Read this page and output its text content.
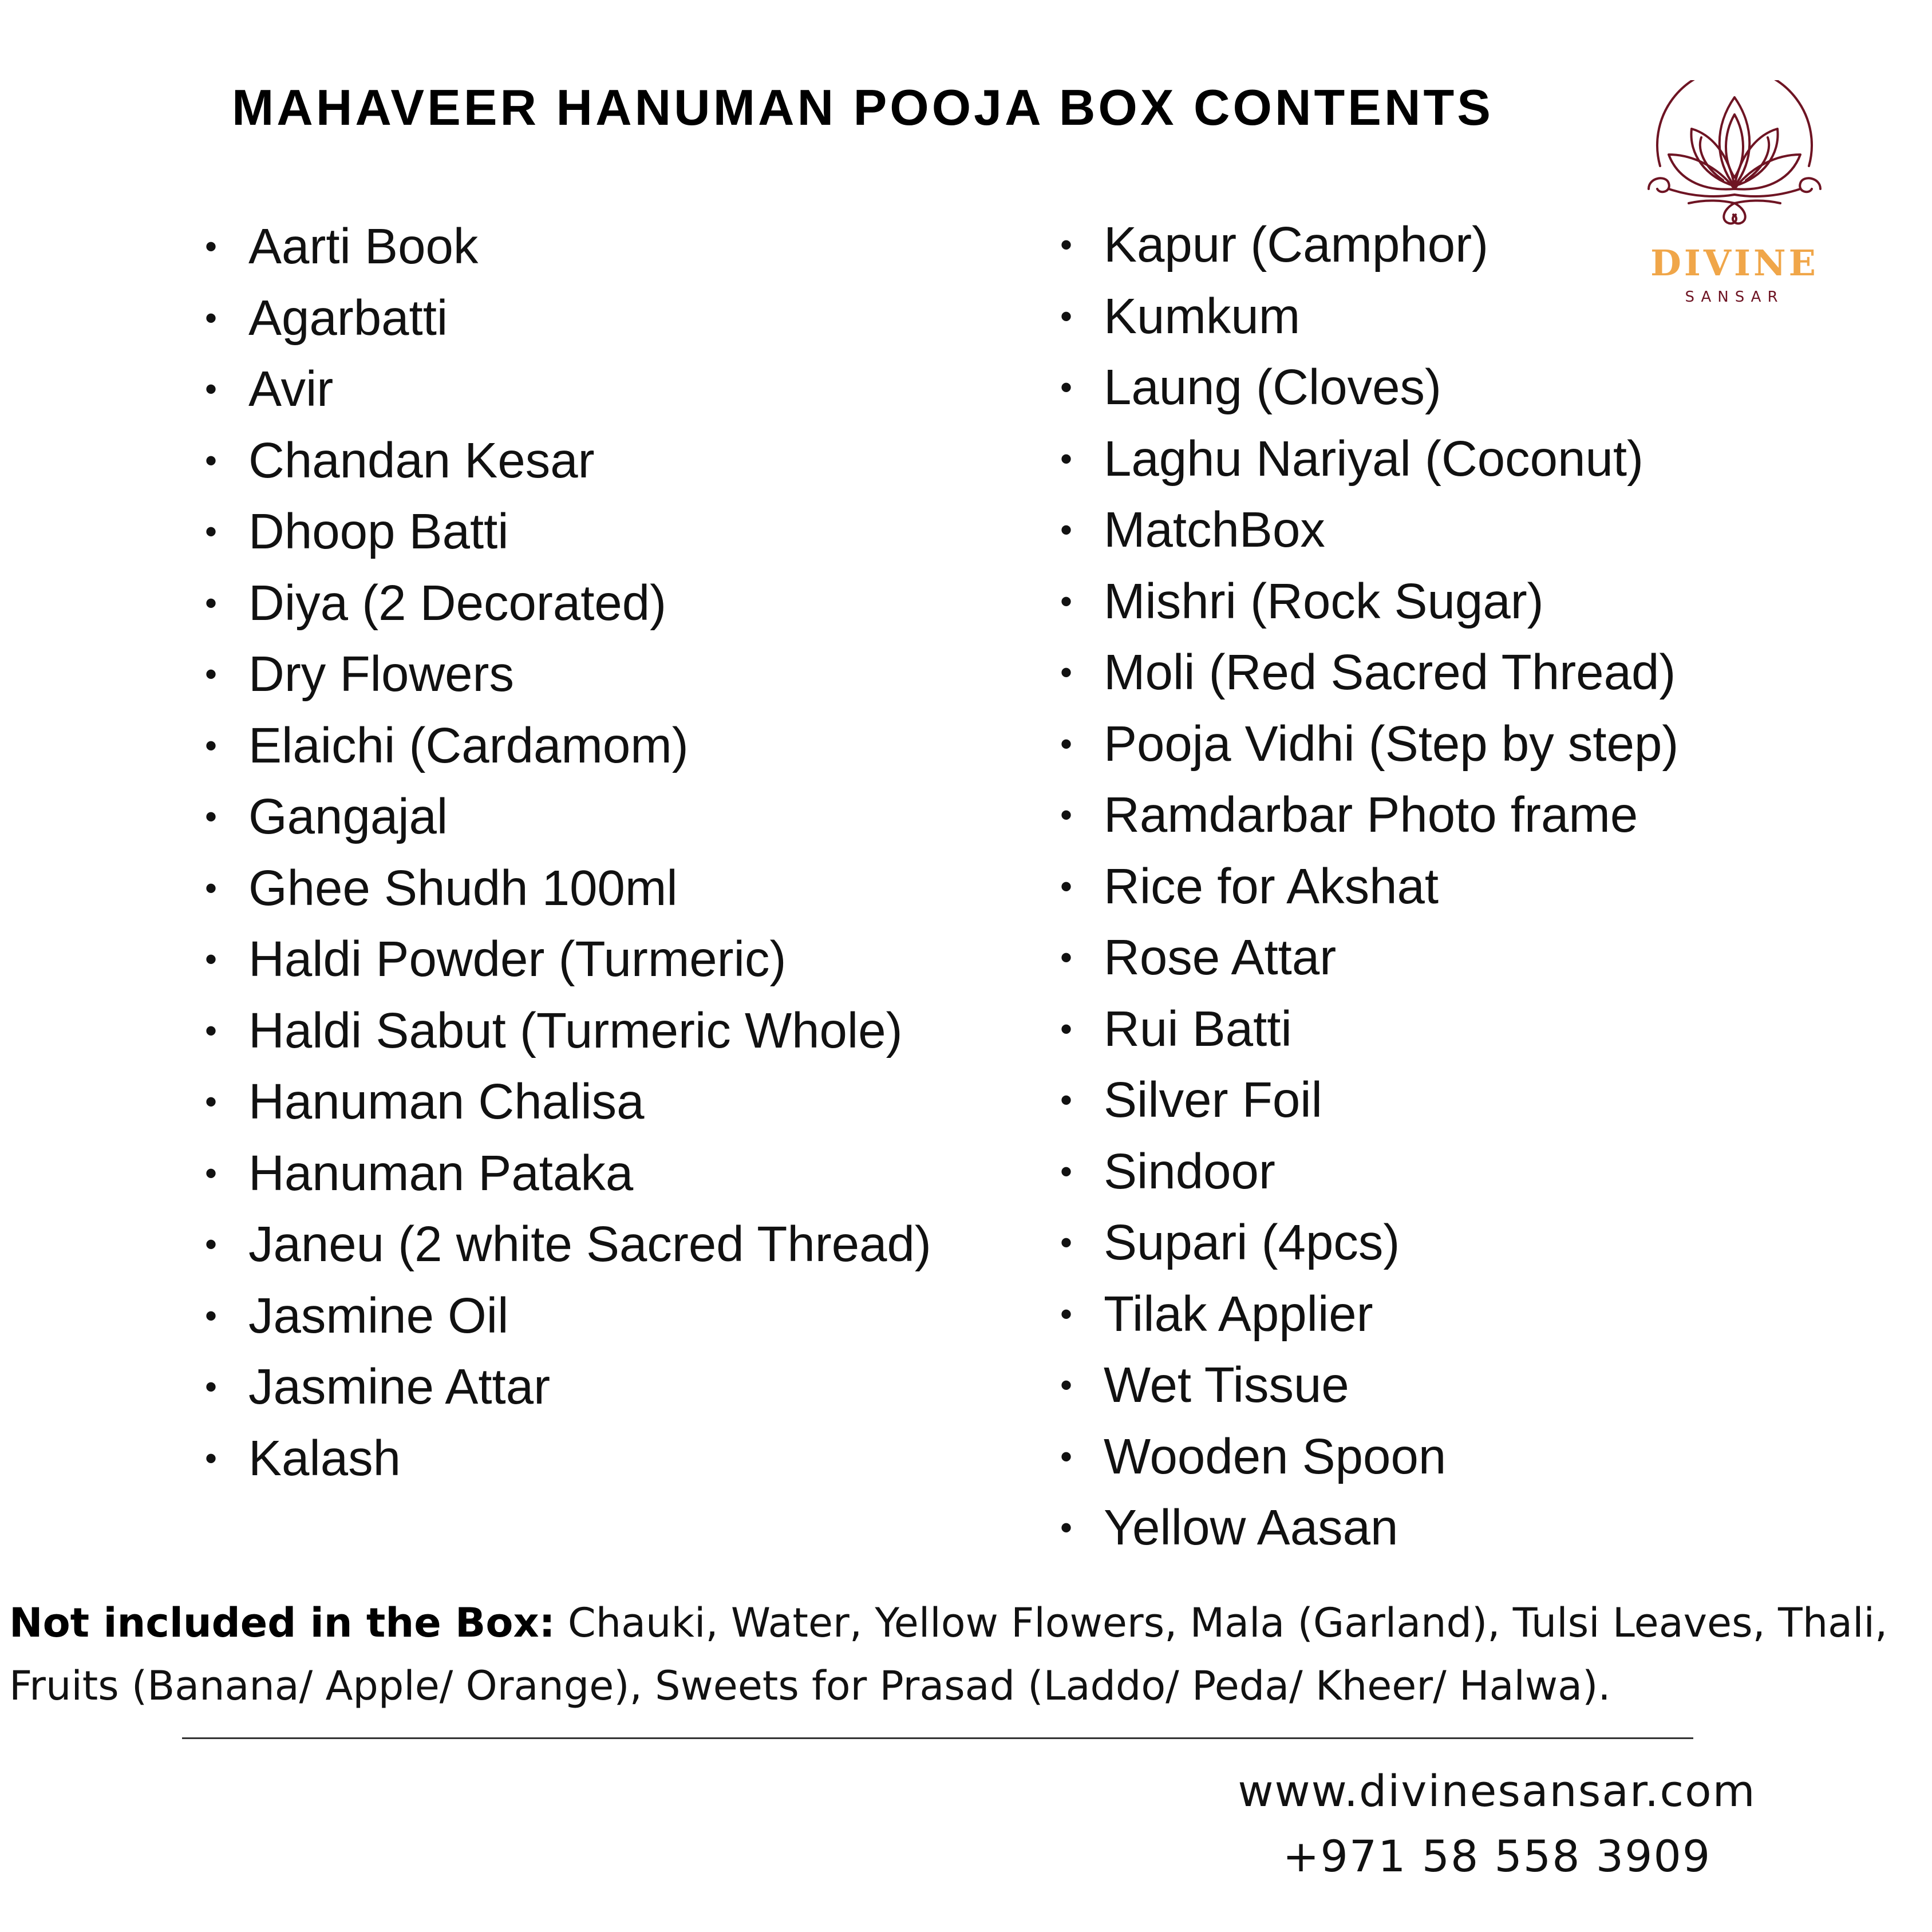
MAHAVEER HANUMAN POOJA BOX CONTENTS
DIVINE
SANSAR
• Aarti Book
• Agarbatti
• Avir
• Chandan Kesar
• Dhoop Batti
• Diya (2 Decorated)
• Dry Flowers
• Elaichi (Cardamom)
• Gangajal
• Ghee Shudh 100ml
• Haldi Powder (Turmeric)
• Haldi Sabut (Turmeric Whole)
• Hanuman Chalisa
• Hanuman Pataka
• Janeu (2 white Sacred Thread)
• Jasmine Oil
• Jasmine Attar
• Kalash
• Kapur (Camphor)
• Kumkum
• Laung (Cloves)
• Laghu Nariyal (Coconut)
• MatchBox
• Mishri (Rock Sugar)
• Moli (Red Sacred Thread)
• Pooja Vidhi (Step by step)
• Ramdarbar Photo frame
• Rice for Akshat
• Rose Attar
• Rui Batti
• Silver Foil
• Sindoor
• Supari (4pcs)
• Tilak Applier
• Wet Tissue
• Wooden Spoon
• Yellow Aasan

Not included in the Box: Chauki, Water, Yellow Flowers, Mala (Garland), Tulsi Leaves, Thali, Fruits (Banana/ Apple/ Orange), Sweets for Prasad (Laddo/ Peda/ Kheer/ Halwa).

www.divinesansar.com
+971 58 558 3909
